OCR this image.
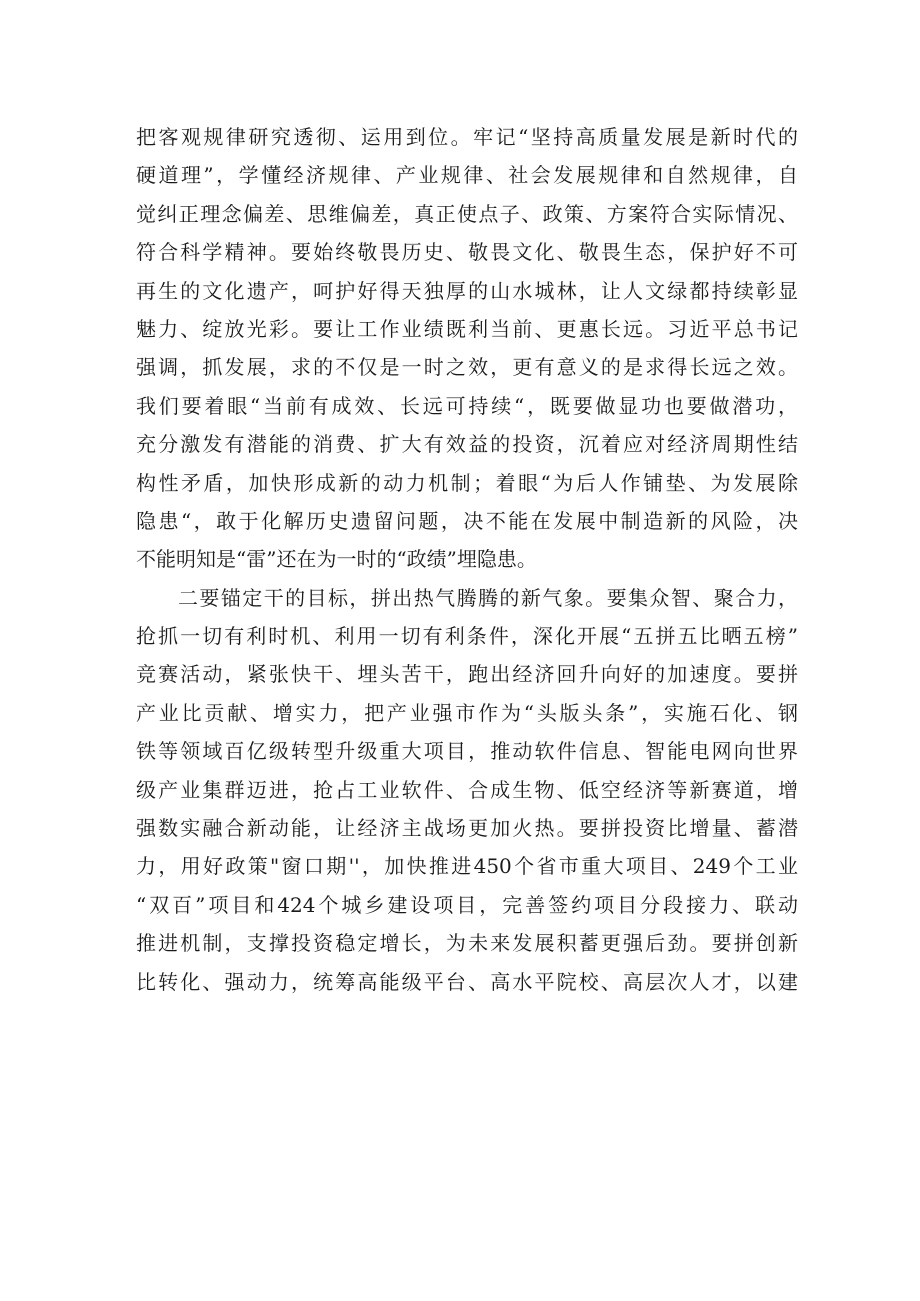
把客观规律研究透彻、运用到位。牢记“坚持高质量发展是新时代的
硬道理”，学懂经济规律、产业规律、社会发展规律和自然规律，自
觉纠正理念偏差、思维偏差，真正使点子、政策、方案符合实际情况、
符合科学精神。要始终敬畏历史、敬畏文化、敬畏生态，保护好不可
再生的文化遗产，呵护好得天独厚的山水城林，让人文绿都持续彰显
魅力、绽放光彩。要让工作业绩既利当前、更惠长远。习近平总书记
强调，抓发展，求的不仅是一时之效，更有意义的是求得长远之效。
我们要着眼“当前有成效、长远可持续“，既要做显功也要做潜功，
充分激发有潜能的消费、扩大有效益的投资，沉着应对经济周期性结
构性矛盾，加快形成新的动力机制；着眼“为后人作铺垫、为发展除
隐患“，敢于化解历史遗留问题，决不能在发展中制造新的风险，决
不能明知是“雷”还在为一时的“政绩”埋隐患。
二要锚定干的目标，拼出热气腾腾的新气象。要集众智、聚合力，
抢抓一切有利时机、利用一切有利条件，深化开展“五拼五比晒五榜”
竞赛活动，紧张快干、埋头苦干，跑出经济回升向好的加速度。要拼
产业比贡献、增实力，把产业强市作为“头版头条”，实施石化、钢
铁等领域百亿级转型升级重大项目，推动软件信息、智能电网向世界
级产业集群迈进，抢占工业软件、合成生物、低空经济等新赛道，增
强数实融合新动能，让经济主战场更加火热。要拼投资比增量、蓄潜
力，用好政策"窗口期''，加快推进450个省市重大项目、249个工业
“双百”项目和424个城乡建设项目，完善签约项目分段接力、联动
推进机制，支撑投资稳定增长，为未来发展积蓄更强后劲。要拼创新
比转化、强动力，统筹高能级平台、高水平院校、高层次人才，以建
